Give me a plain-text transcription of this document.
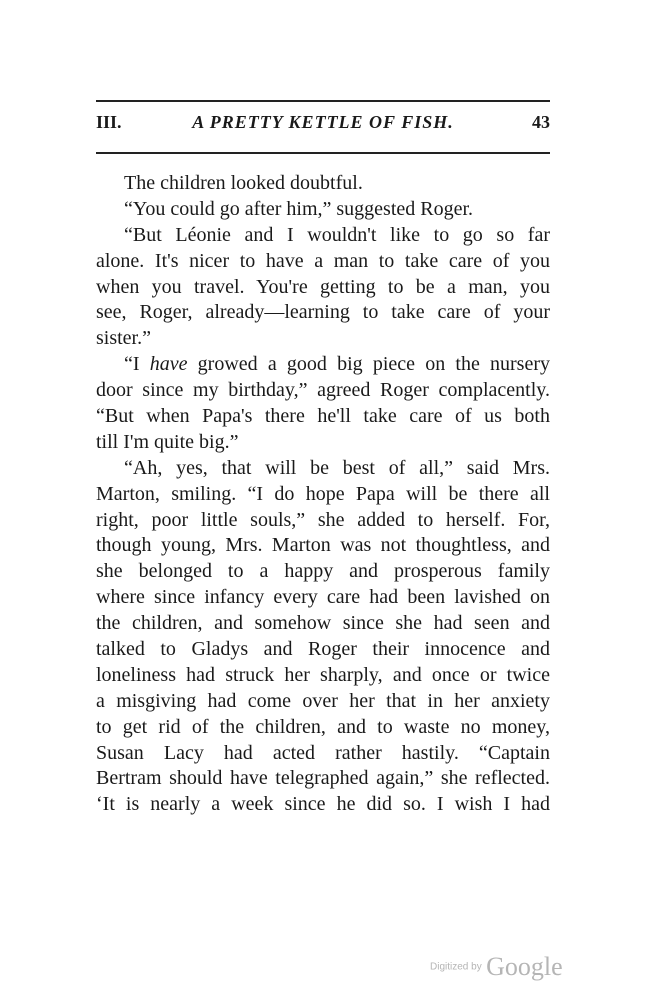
III.	A PRETTY KETTLE OF FISH.	43
The children looked doubtful.
“You could go after him,” suggested Roger.
“But Léonie and I wouldn't like to go so far
alone. It's nicer to have a man to take care of you
when you travel. You're getting to be a man, you
see, Roger, already—learning to take care of your
sister.”
“I have growed a good big piece on the nursery
door since my birthday,” agreed Roger complacently.
“But when Papa's there he'll take care of us both
till I'm quite big.”
“Ah, yes, that will be best of all,” said Mrs.
Marton, smiling. “I do hope Papa will be there all
right, poor little souls,” she added to herself. For,
though young, Mrs. Marton was not thoughtless, and
she belonged to a happy and prosperous family
where since infancy every care had been lavished on
the children, and somehow since she had seen and
talked to Gladys and Roger their innocence and
loneliness had struck her sharply, and once or twice
a misgiving had come over her that in her anxiety
to get rid of the children, and to waste no money,
Susan Lacy had acted rather hastily. “Captain
Bertram should have telegraphed again,” she reflected.
‘It is nearly a week since he did so. I wish I had
Digitized by Google
